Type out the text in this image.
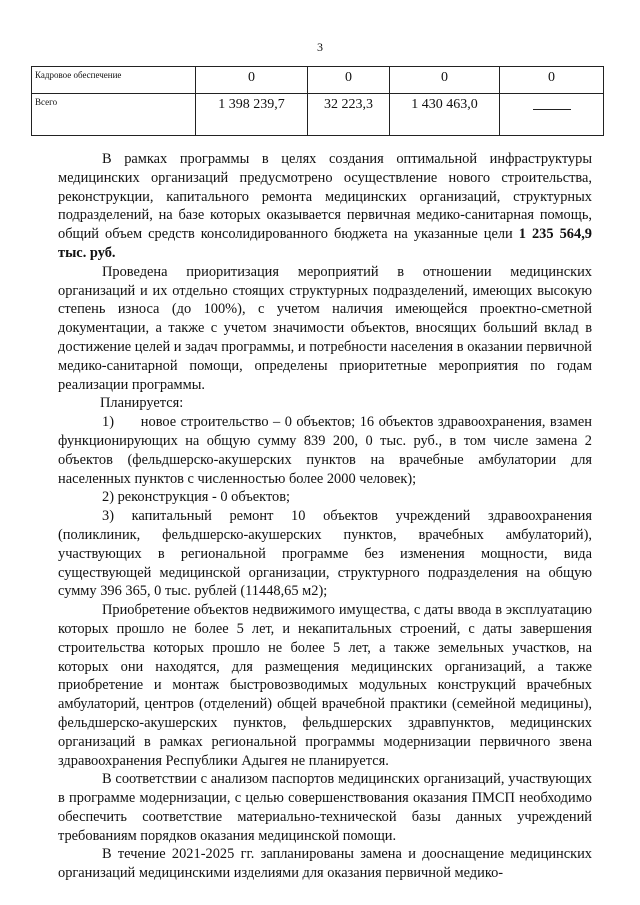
3
Кадровое обеспечение	0	0	0	0
Всего	1 398 239,7	32 223,3	1 430 463,0	

В рамках программы в целях создания оптимальной инфраструктуры медицинских организаций предусмотрено осуществление нового строительства, реконструкции, капитального ремонта медицинских организаций, структурных подразделений, на базе которых оказывается первичная медико-санитарная помощь, общий объем средств консолидированного бюджета на указанные цели 1 235 564,9 тыс. руб.

Проведена приоритизация мероприятий в отношении медицинских организаций и их отдельно стоящих структурных подразделений, имеющих высокую степень износа (до 100%), с учетом наличия имеющейся проектно-сметной документации, а также с учетом значимости объектов, вносящих больший вклад в достижение целей и задач программы, и потребности населения в оказании первичной медико-санитарной помощи, определены приоритетные мероприятия по годам реализации программы.

Планируется:

1)      новое строительство – 0 объектов; 16 объектов здравоохранения, взамен функционирующих на общую сумму 839 200, 0 тыс. руб., в том числе замена 2 объектов (фельдшерско-акушерских пунктов на врачебные амбулатории для населенных пунктов с численностью более 2000 человек);

2) реконструкция - 0 объектов;

3) капитальный ремонт 10 объектов учреждений здравоохранения (поликлиник, фельдшерско-акушерских пунктов, врачебных амбулаторий), участвующих в региональной программе без изменения мощности, вида существующей медицинской организации, структурного подразделения на общую сумму 396 365, 0 тыс. рублей (11448,65 м2);

Приобретение объектов недвижимого имущества, с даты ввода в эксплуатацию которых прошло не более 5 лет, и некапитальных строений, с даты завершения строительства которых прошло не более 5 лет, а также земельных участков, на которых они находятся, для размещения медицинских организаций, а также приобретение и монтаж быстровозводимых модульных конструкций врачебных амбулаторий, центров (отделений) общей врачебной практики (семейной медицины), фельдшерско-акушерских пунктов, фельдшерских здравпунктов, медицинских организаций в рамках региональной программы модернизации первичного звена здравоохранения Республики Адыгея не планируется.

В соответствии с анализом паспортов медицинских организаций, участвующих в программе модернизации, с целью совершенствования оказания ПМСП необходимо обеспечить соответствие материально-технической базы данных учреждений требованиям порядков оказания медицинской помощи.

В течение 2021-2025 гг. запланированы замена и дооснащение медицинских организаций медицинскими изделиями для оказания первичной медико-
